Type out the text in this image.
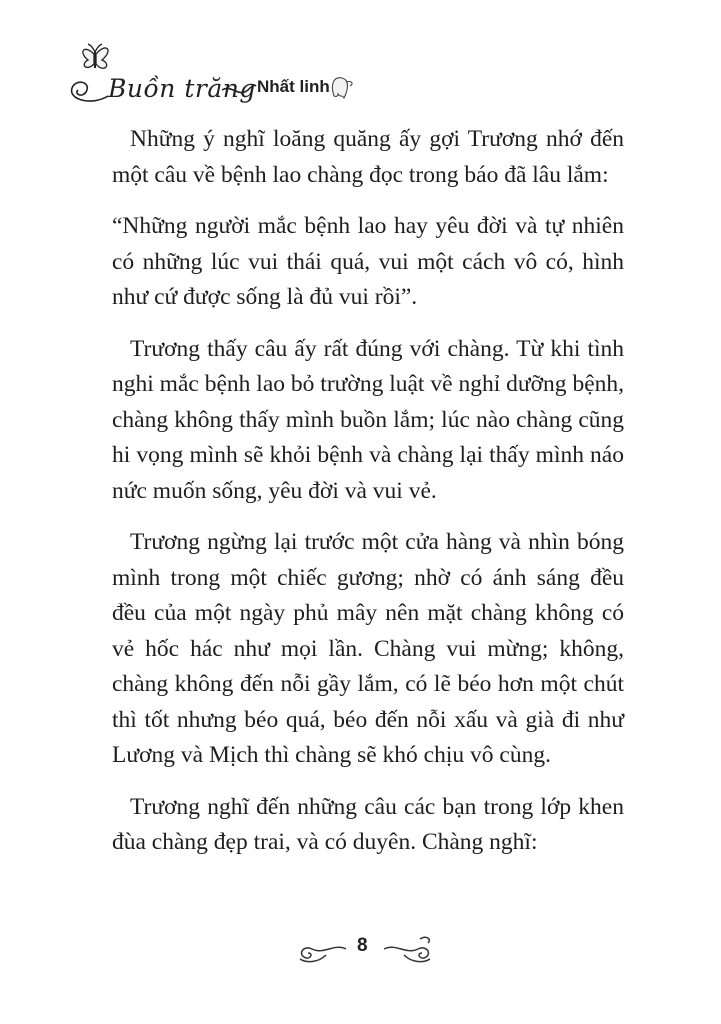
Buồn trăng Nhất linh

Những ý nghĩ loăng quăng ấy gợi Trương nhớ đến một câu về bệnh lao chàng đọc trong báo đã lâu lắm:

“Những người mắc bệnh lao hay yêu đời và tự nhiên có những lúc vui thái quá, vui một cách vô có, hình như cứ được sống là đủ vui rồi”.

Trương thấy câu ấy rất đúng với chàng. Từ khi tình nghi mắc bệnh lao bỏ trường luật về nghỉ dưỡng bệnh, chàng không thấy mình buồn lắm; lúc nào chàng cũng hi vọng mình sẽ khỏi bệnh và chàng lại thấy mình náo nức muốn sống, yêu đời và vui vẻ.

Trương ngừng lại trước một cửa hàng và nhìn bóng mình trong một chiếc gương; nhờ có ánh sáng đều đều của một ngày phủ mây nên mặt chàng không có vẻ hốc hác như mọi lần. Chàng vui mừng; không, chàng không đến nỗi gầy lắm, có lẽ béo hơn một chút thì tốt nhưng béo quá, béo đến nỗi xấu và già đi như Lương và Mịch thì chàng sẽ khó chịu vô cùng.

Trương nghĩ đến những câu các bạn trong lớp khen đùa chàng đẹp trai, và có duyên. Chàng nghĩ:

8
